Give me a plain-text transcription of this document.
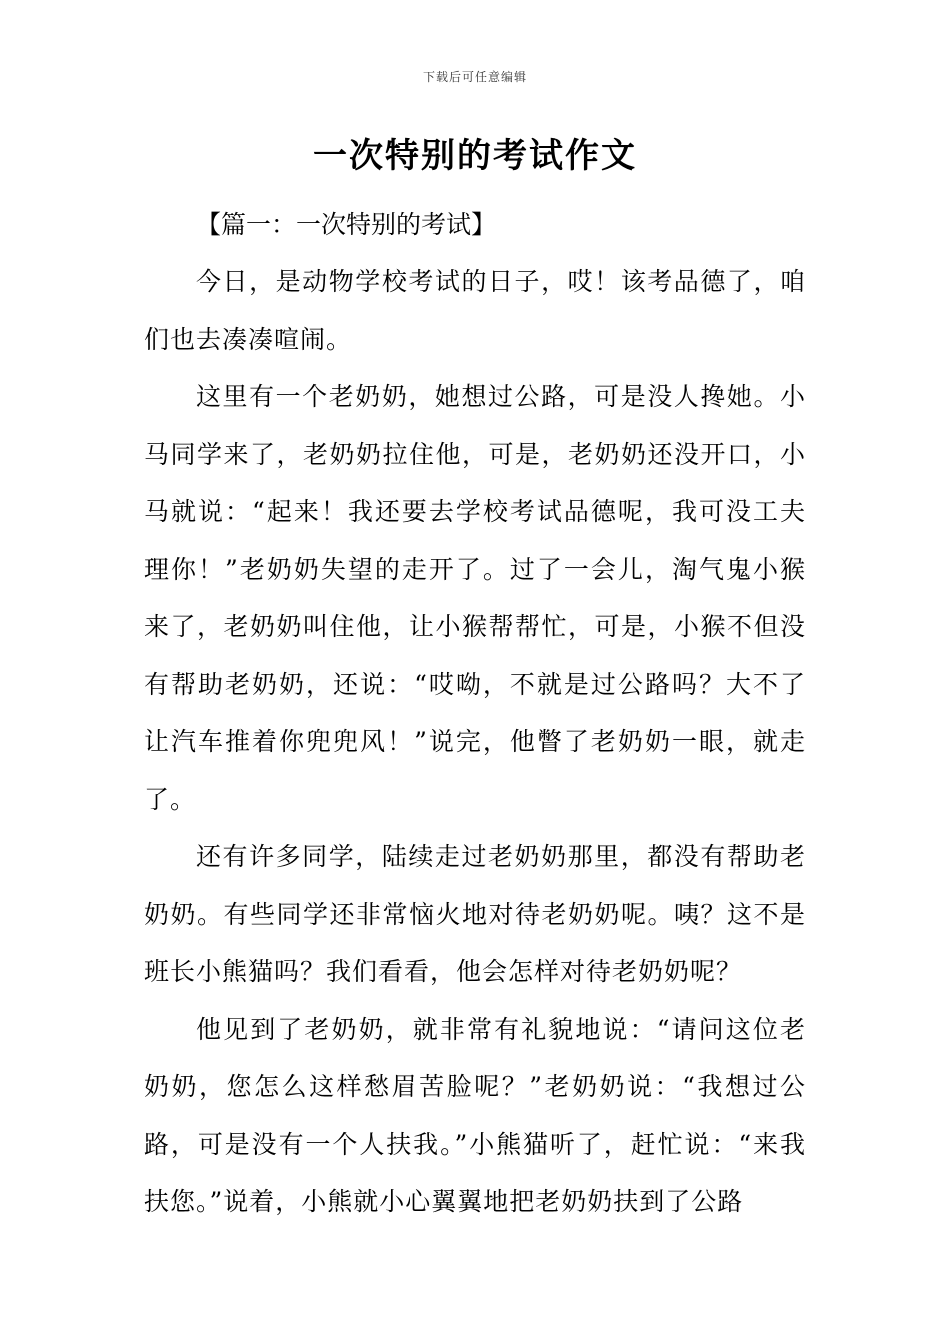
下载后可任意编辑
一次特别的考试作文

【篇一：一次特别的考试】

今日，是动物学校考试的日子，哎！该考品德了，咱们也去凑凑喧闹。

这里有一个老奶奶，她想过公路，可是没人搀她。小马同学来了，老奶奶拉住他，可是，老奶奶还没开口，小马就说：“起来！我还要去学校考试品德呢，我可没工夫理你！”老奶奶失望的走开了。过了一会儿，淘气鬼小猴来了，老奶奶叫住他，让小猴帮帮忙，可是，小猴不但没有帮助老奶奶，还说：“哎呦，不就是过公路吗？大不了让汽车推着你兜兜风！”说完，他瞥了老奶奶一眼，就走了。

还有许多同学，陆续走过老奶奶那里，都没有帮助老奶奶。有些同学还非常恼火地对待老奶奶呢。咦？这不是班长小熊猫吗？我们看看，他会怎样对待老奶奶呢？

他见到了老奶奶，就非常有礼貌地说：“请问这位老奶奶，您怎么这样愁眉苦脸呢？”老奶奶说：“我想过公路，可是没有一个人扶我。”小熊猫听了，赶忙说：“来我扶您。”说着，小熊就小心翼翼地把老奶奶扶到了公路
